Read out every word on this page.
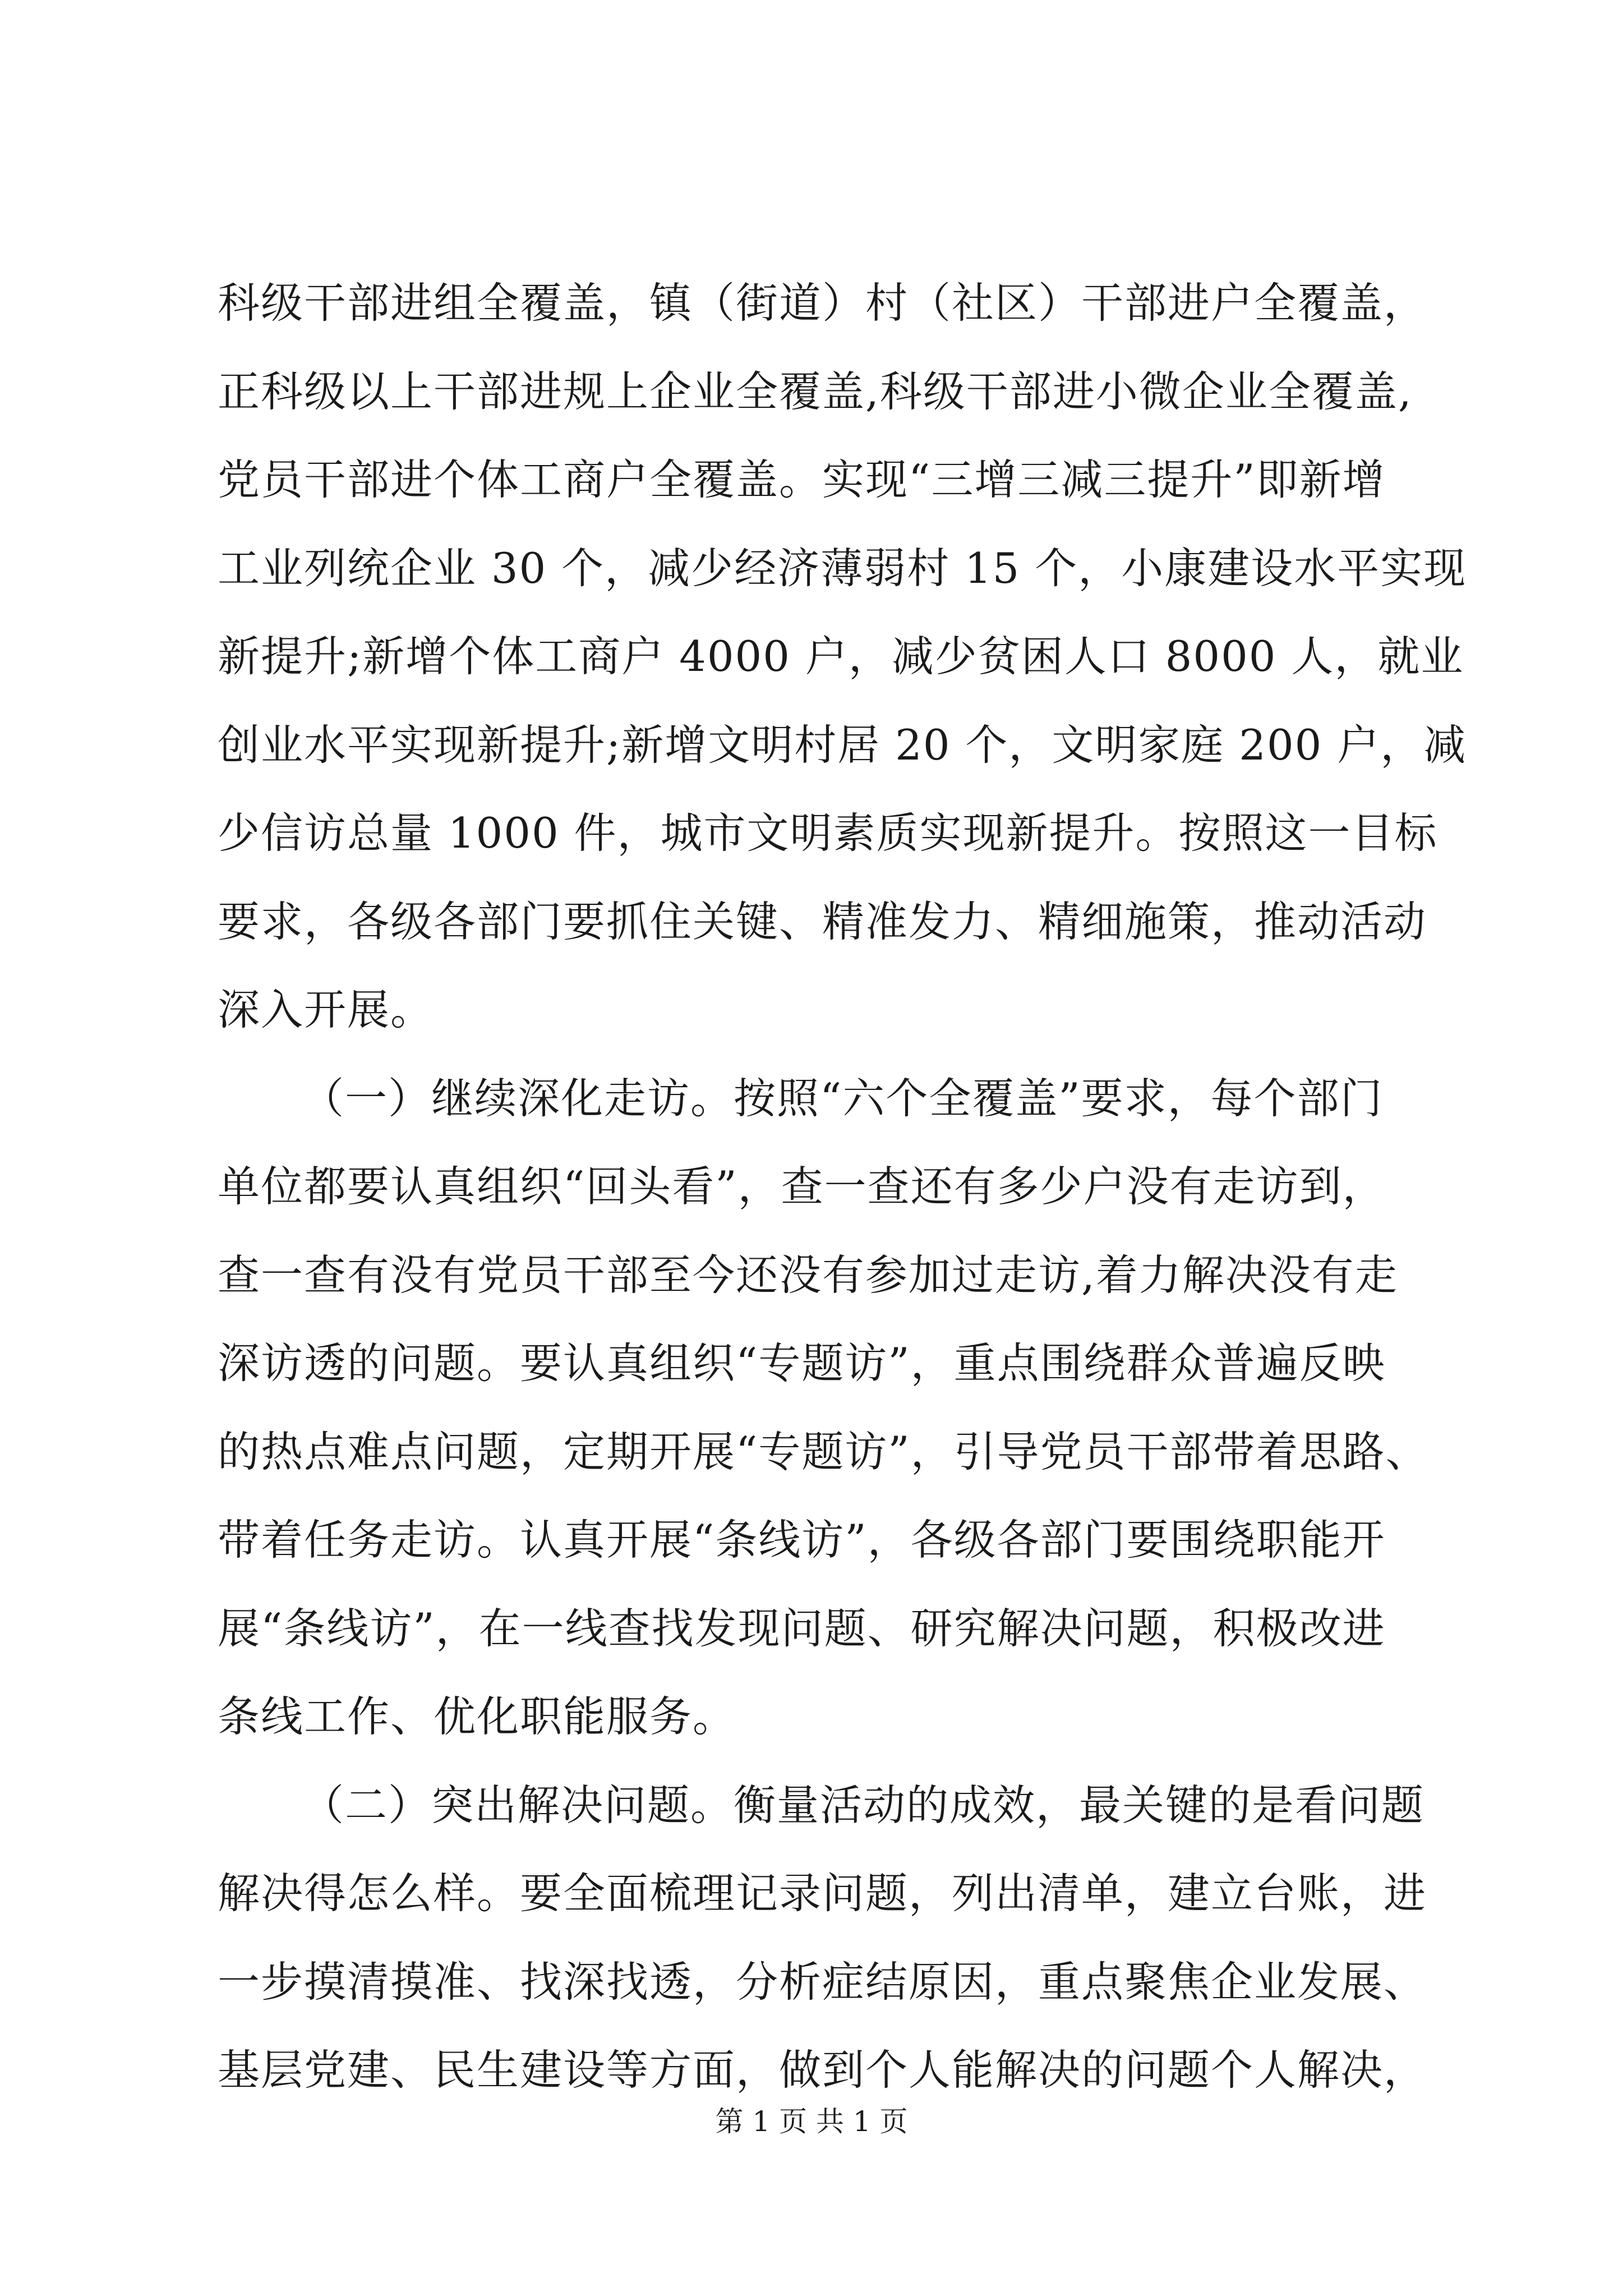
科级干部进组全覆盖，镇（街道）村（社区）干部进户全覆盖，
正科级以上干部进规上企业全覆盖,科级干部进小微企业全覆盖,
党员干部进个体工商户全覆盖。实现“三增三减三提升”即新增
工业列统企业 30 个，减少经济薄弱村 15 个，小康建设水平实现
新提升;新增个体工商户 4000 户，减少贫困人口 8000 人，就业
创业水平实现新提升;新增文明村居 20 个，文明家庭 200 户，减
少信访总量 1000 件，城市文明素质实现新提升。按照这一目标
要求，各级各部门要抓住关键、精准发力、精细施策，推动活动
深入开展。
（一）继续深化走访。按照“六个全覆盖”要求，每个部门
单位都要认真组织“回头看”，查一查还有多少户没有走访到，
查一查有没有党员干部至今还没有参加过走访,着力解决没有走
深访透的问题。要认真组织“专题访”，重点围绕群众普遍反映
的热点难点问题，定期开展“专题访”，引导党员干部带着思路、
带着任务走访。认真开展“条线访”，各级各部门要围绕职能开
展“条线访”，在一线查找发现问题、研究解决问题，积极改进
条线工作、优化职能服务。
（二）突出解决问题。衡量活动的成效，最关键的是看问题
解决得怎么样。要全面梳理记录问题，列出清单，建立台账，进
一步摸清摸准、找深找透，分析症结原因，重点聚焦企业发展、
基层党建、民生建设等方面，做到个人能解决的问题个人解决，
第 1 页 共 1 页
